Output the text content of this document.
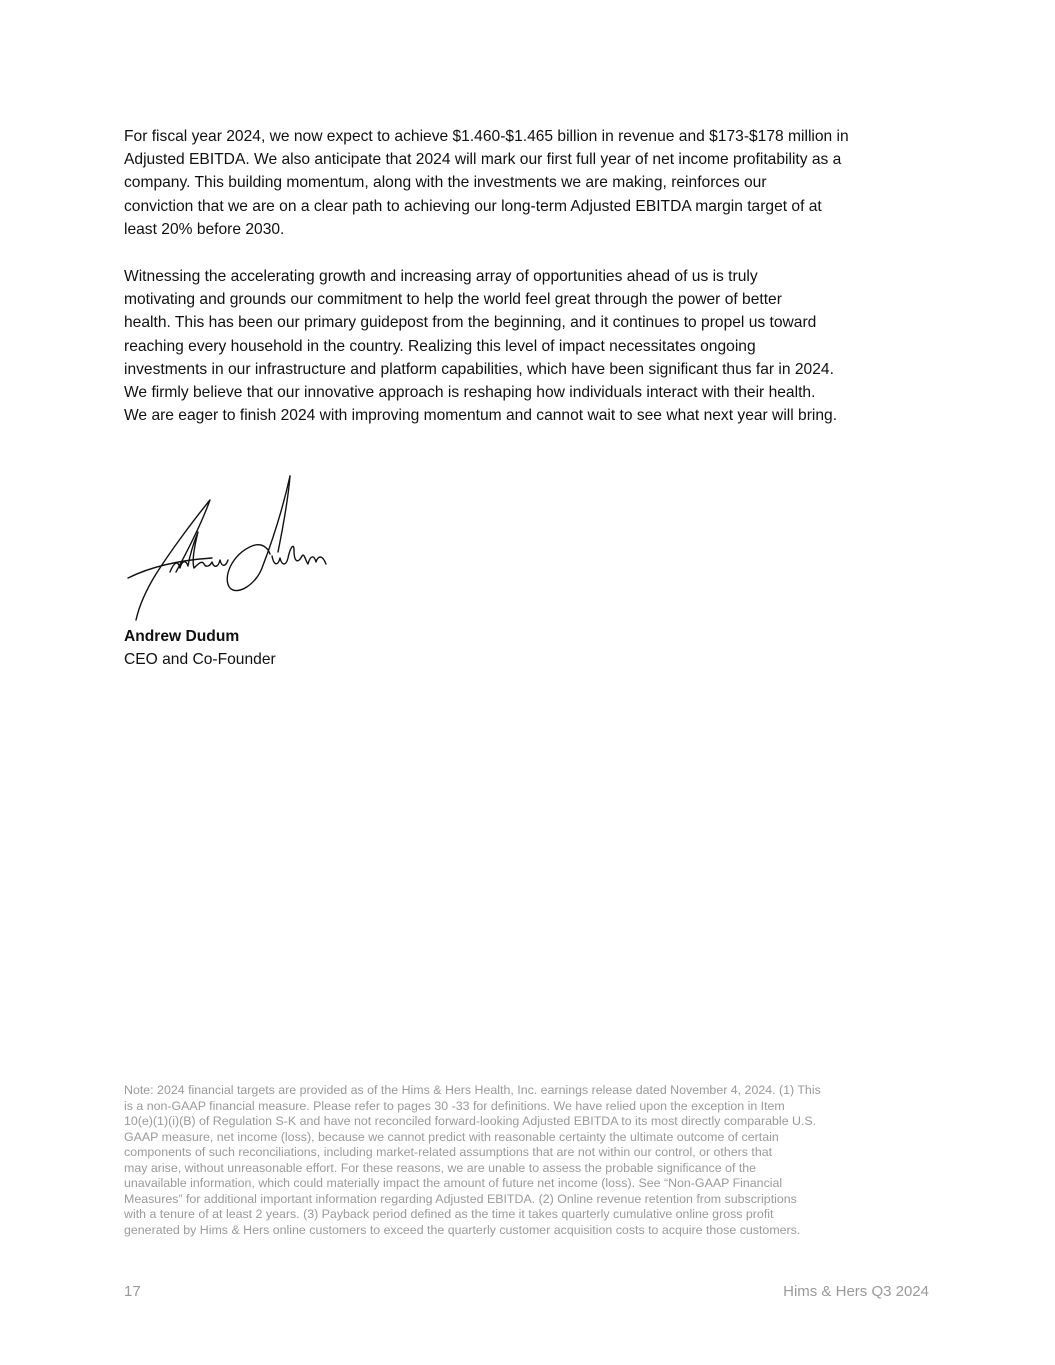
For fiscal year 2024, we now expect to achieve $1.460-$1.465 billion in revenue and $173-$178 million in
Adjusted EBITDA. We also anticipate that 2024 will mark our first full year of net income profitability as a
company. This building momentum, along with the investments we are making, reinforces our
conviction that we are on a clear path to achieving our long-term Adjusted EBITDA margin target of at
least 20% before 2030.
Witnessing the accelerating growth and increasing array of opportunities ahead of us is truly
motivating and grounds our commitment to help the world feel great through the power of better
health. This has been our primary guidepost from the beginning, and it continues to propel us toward
reaching every household in the country. Realizing this level of impact necessitates ongoing
investments in our infrastructure and platform capabilities, which have been significant thus far in 2024.
We firmly believe that our innovative approach is reshaping how individuals interact with their health.
We are eager to finish 2024 with improving momentum and cannot wait to see what next year will bring.
Andrew Dudum
CEO and Co-Founder
Note: 2024 financial targets are provided as of the Hims & Hers Health, Inc. earnings release dated November 4, 2024. (1) This
is a non-GAAP financial measure. Please refer to pages 30 -33 for definitions. We have relied upon the exception in Item
10(e)(1)(i)(B) of Regulation S-K and have not reconciled forward-looking Adjusted EBITDA to its most directly comparable U.S.
GAAP measure, net income (loss), because we cannot predict with reasonable certainty the ultimate outcome of certain
components of such reconciliations, including market-related assumptions that are not within our control, or others that
may arise, without unreasonable effort. For these reasons, we are unable to assess the probable significance of the
unavailable information, which could materially impact the amount of future net income (loss). See “Non-GAAP Financial
Measures” for additional important information regarding Adjusted EBITDA. (2) Online revenue retention from subscriptions
with a tenure of at least 2 years. (3) Payback period defined as the time it takes quarterly cumulative online gross profit
generated by Hims & Hers online customers to exceed the quarterly customer acquisition costs to acquire those customers.
17	Hims & Hers Q3 2024
